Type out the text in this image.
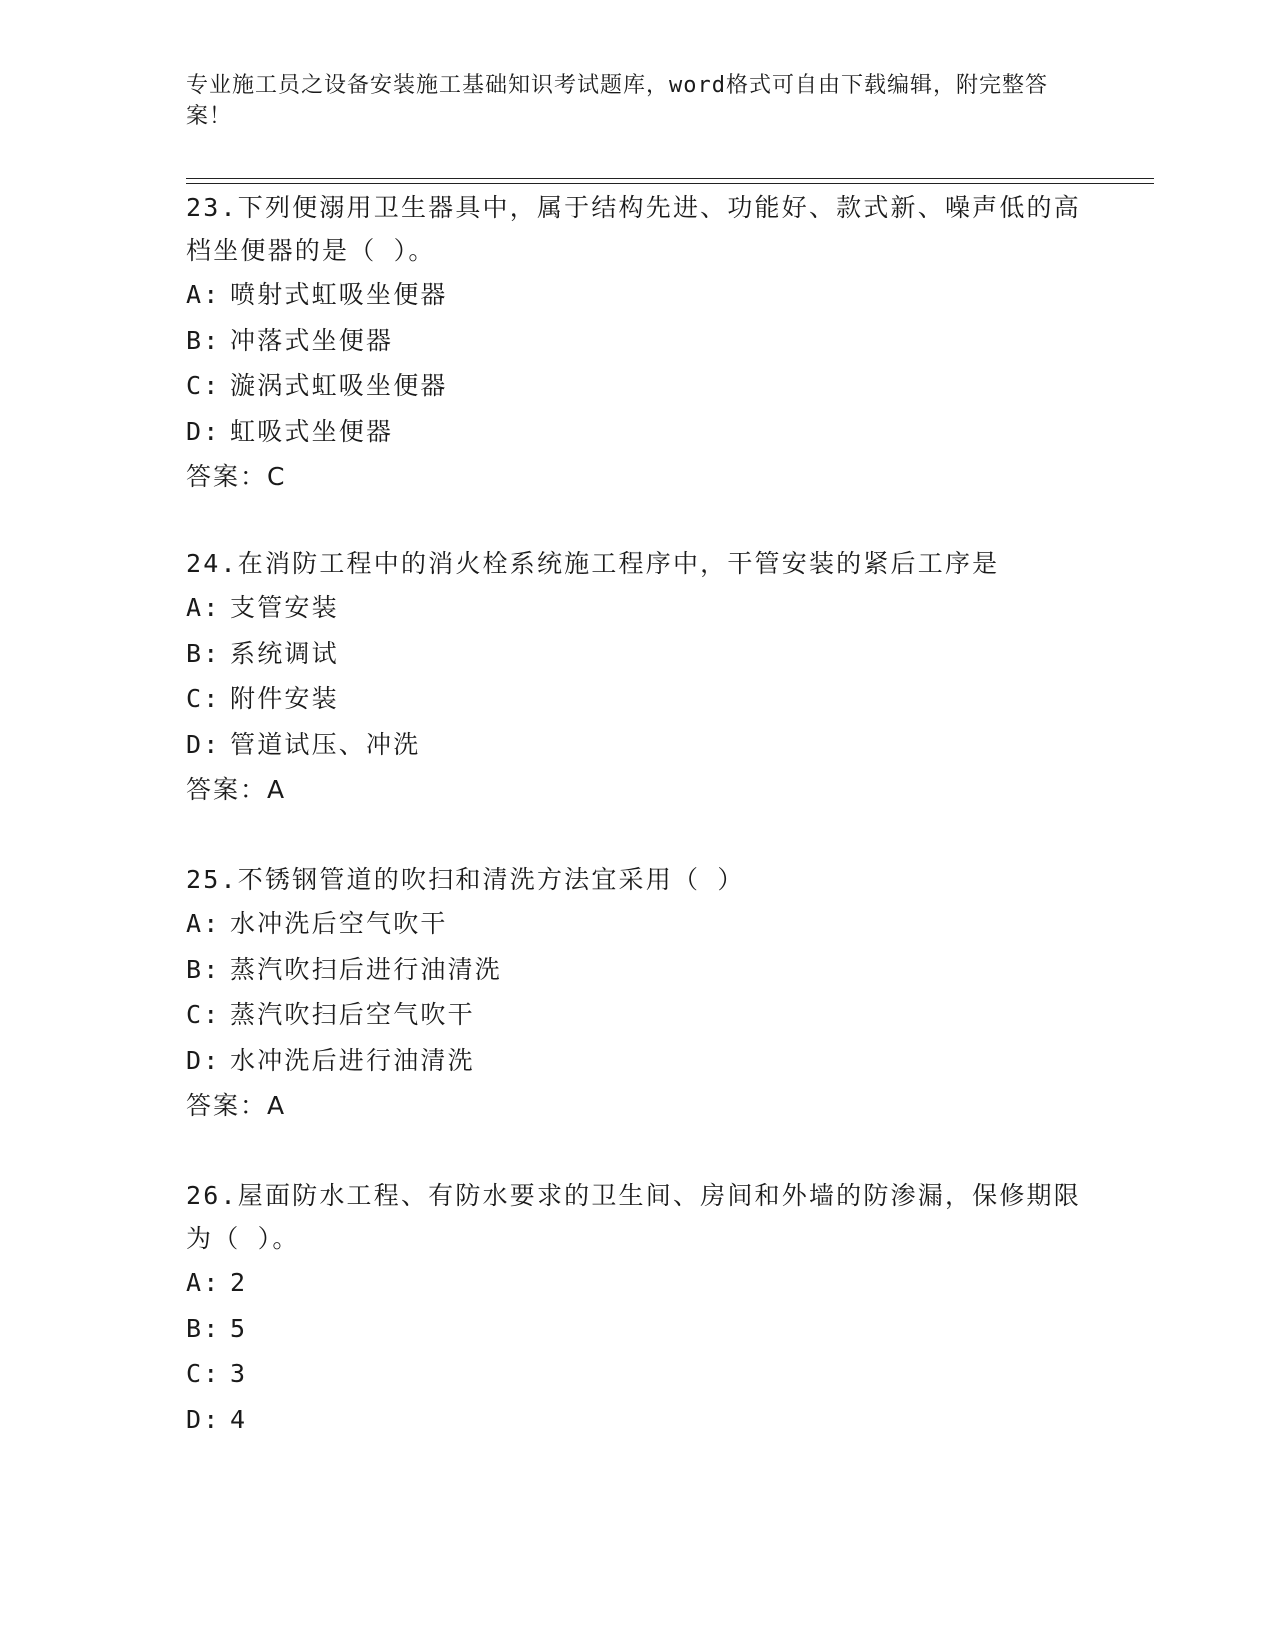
专业施工员之设备安装施工基础知识考试题库，word格式可自由下载编辑，附完整答案！
23.下列便溺用卫生器具中，属于结构先进、功能好、款式新、噪声低的高档坐便器的是（ ）。
A: 喷射式虹吸坐便器
B: 冲落式坐便器
C: 漩涡式虹吸坐便器
D: 虹吸式坐便器
答案：C
24.在消防工程中的消火栓系统施工程序中，干管安装的紧后工序是
A: 支管安装
B: 系统调试
C: 附件安装
D: 管道试压、冲洗
答案：A
25.不锈钢管道的吹扫和清洗方法宜采用（ ）
A: 水冲洗后空气吹干
B: 蒸汽吹扫后进行油清洗
C: 蒸汽吹扫后空气吹干
D: 水冲洗后进行油清洗
答案：A
26.屋面防水工程、有防水要求的卫生间、房间和外墙的防渗漏，保修期限为（ ）。
A: 2
B: 5
C: 3
D: 4
